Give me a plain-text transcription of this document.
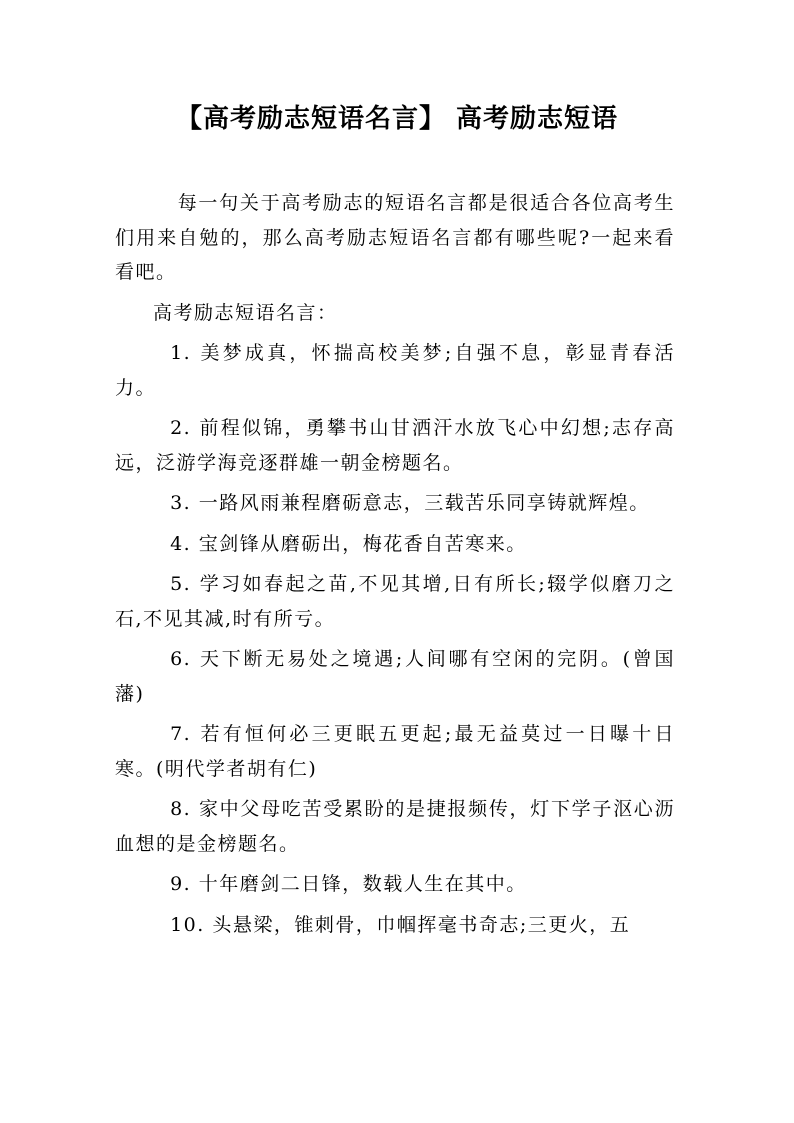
【高考励志短语名言】 高考励志短语

每一句关于高考励志的短语名言都是很适合各位高考生们用来自勉的，那么高考励志短语名言都有哪些呢?一起来看看吧。

高考励志短语名言：

1. 美梦成真，怀揣高校美梦;自强不息，彰显青春活力。

2. 前程似锦，勇攀书山甘洒汗水放飞心中幻想;志存高远，泛游学海竞逐群雄一朝金榜题名。

3. 一路风雨兼程磨砺意志，三载苦乐同享铸就辉煌。

4. 宝剑锋从磨砺出，梅花香自苦寒来。

5. 学习如春起之苗,不见其增,日有所长;辍学似磨刀之石,不见其减,时有所亏。

6. 天下断无易处之境遇;人间哪有空闲的完阴。(曾国藩)

7. 若有恒何必三更眠五更起;最无益莫过一日曝十日寒。(明代学者胡有仁)

8. 家中父母吃苦受累盼的是捷报频传，灯下学子沤心沥血想的是金榜题名。

9. 十年磨剑二日锋，数载人生在其中。

10. 头悬梁，锥刺骨，巾帼挥毫书奇志;三更火，五
